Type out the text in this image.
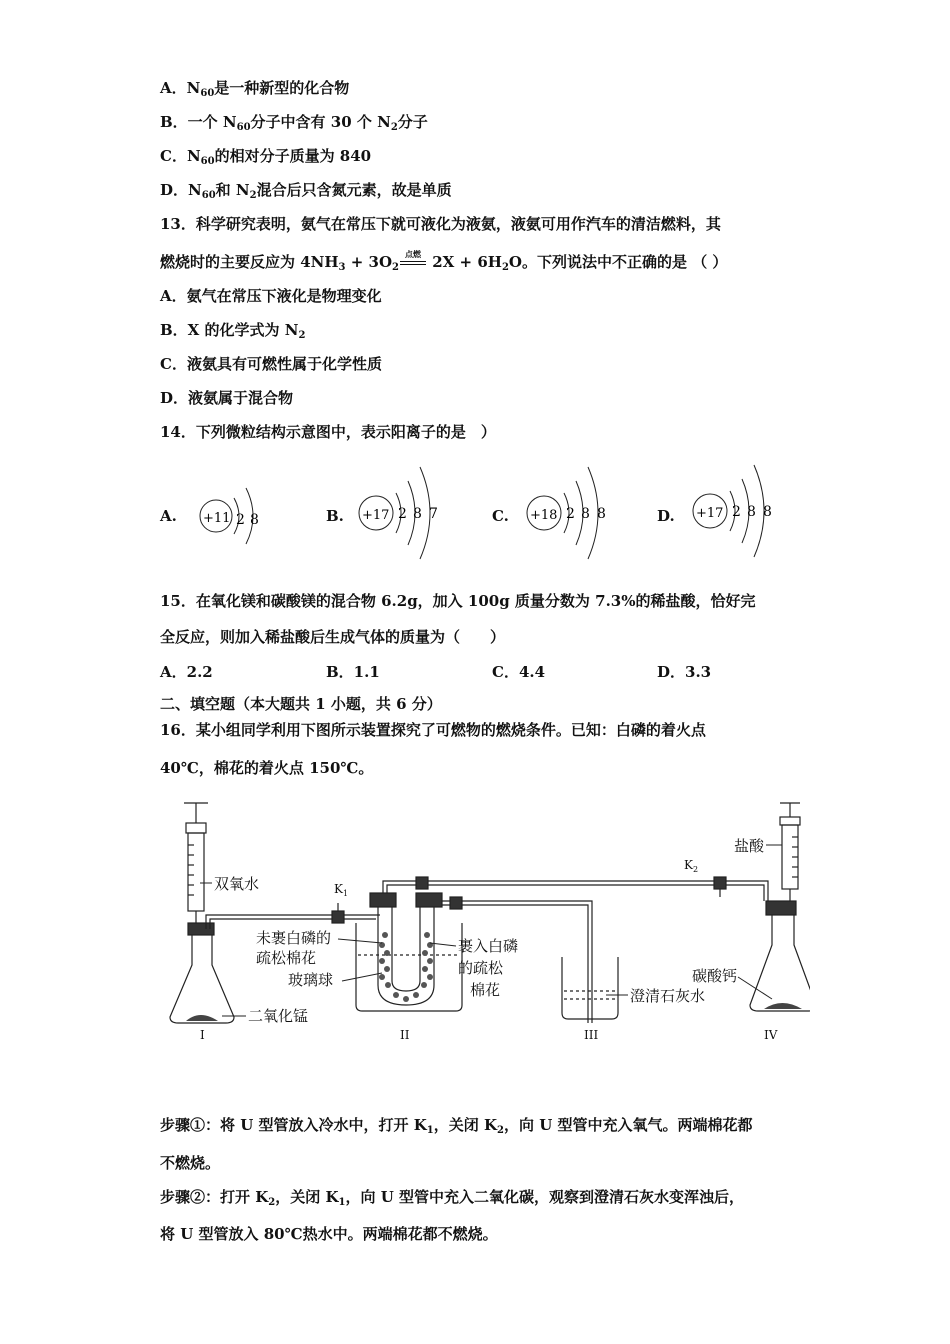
A．$N_{60}$是一种新型的化合物
B．一个 $N_{60}$分子中含有 30 个 $N_2$分子
C．$N_{60}$的相对分子质量为 840
D．$N_{60}$和 $N_2$混合后只含氮元素，故是单质
13．科学研究表明，氨气在常压下就可液化为液氨，液氨可用作汽车的清洁燃料，其
燃烧时的主要反应为 $4NH_3 + 3O_2$
点燃 $2X + 6H_2O$。下列说法中不正确的是 （ ）
A．氨气在常压下液化是物理变化
B．X 的化学式为 $N_2$
C．液氨具有可燃性属于化学性质
D．液氨属于混合物
14．下列微粒结构示意图中，表示阳离子的是　）
A. +11 2 8	B. +17 2 8 7	C. +18 2 8 8	D. +17 2 8 8
15．在氧化镁和碳酸镁的混合物 6.2g，加入 100g 质量分数为 7.3%的稀盐酸，恰好完
全反应，则加入稀盐酸后生成气体的质量为（　　）
A．2.2	B．1.1	C．4.4	D．3.3
二、填空题（本大题共 1 小题，共 6 分）
16．某小组同学利用下图所示装置探究了可燃物的燃烧条件。已知：白磷的着火点
40℃，棉花的着火点 150℃。
双氧水
二氧化锰
$K_1$
$K_2$
未裹白磷的
疏松棉花
玻璃球
裹入白磷
的疏松
棉花	澄清石灰水
盐酸
碳酸钙
I	II	III	IV
步骤①：将 U 型管放入冷水中，打开 $K_1$，关闭 $K_2$，向 U 型管中充入氧气。两端棉花都
不燃烧。
步骤②：打开 $K_2$，关闭 $K_1$，向 U 型管中充入二氧化碳，观察到澄清石灰水变浑浊后，
将 U 型管放入 80℃热水中。两端棉花都不燃烧。
